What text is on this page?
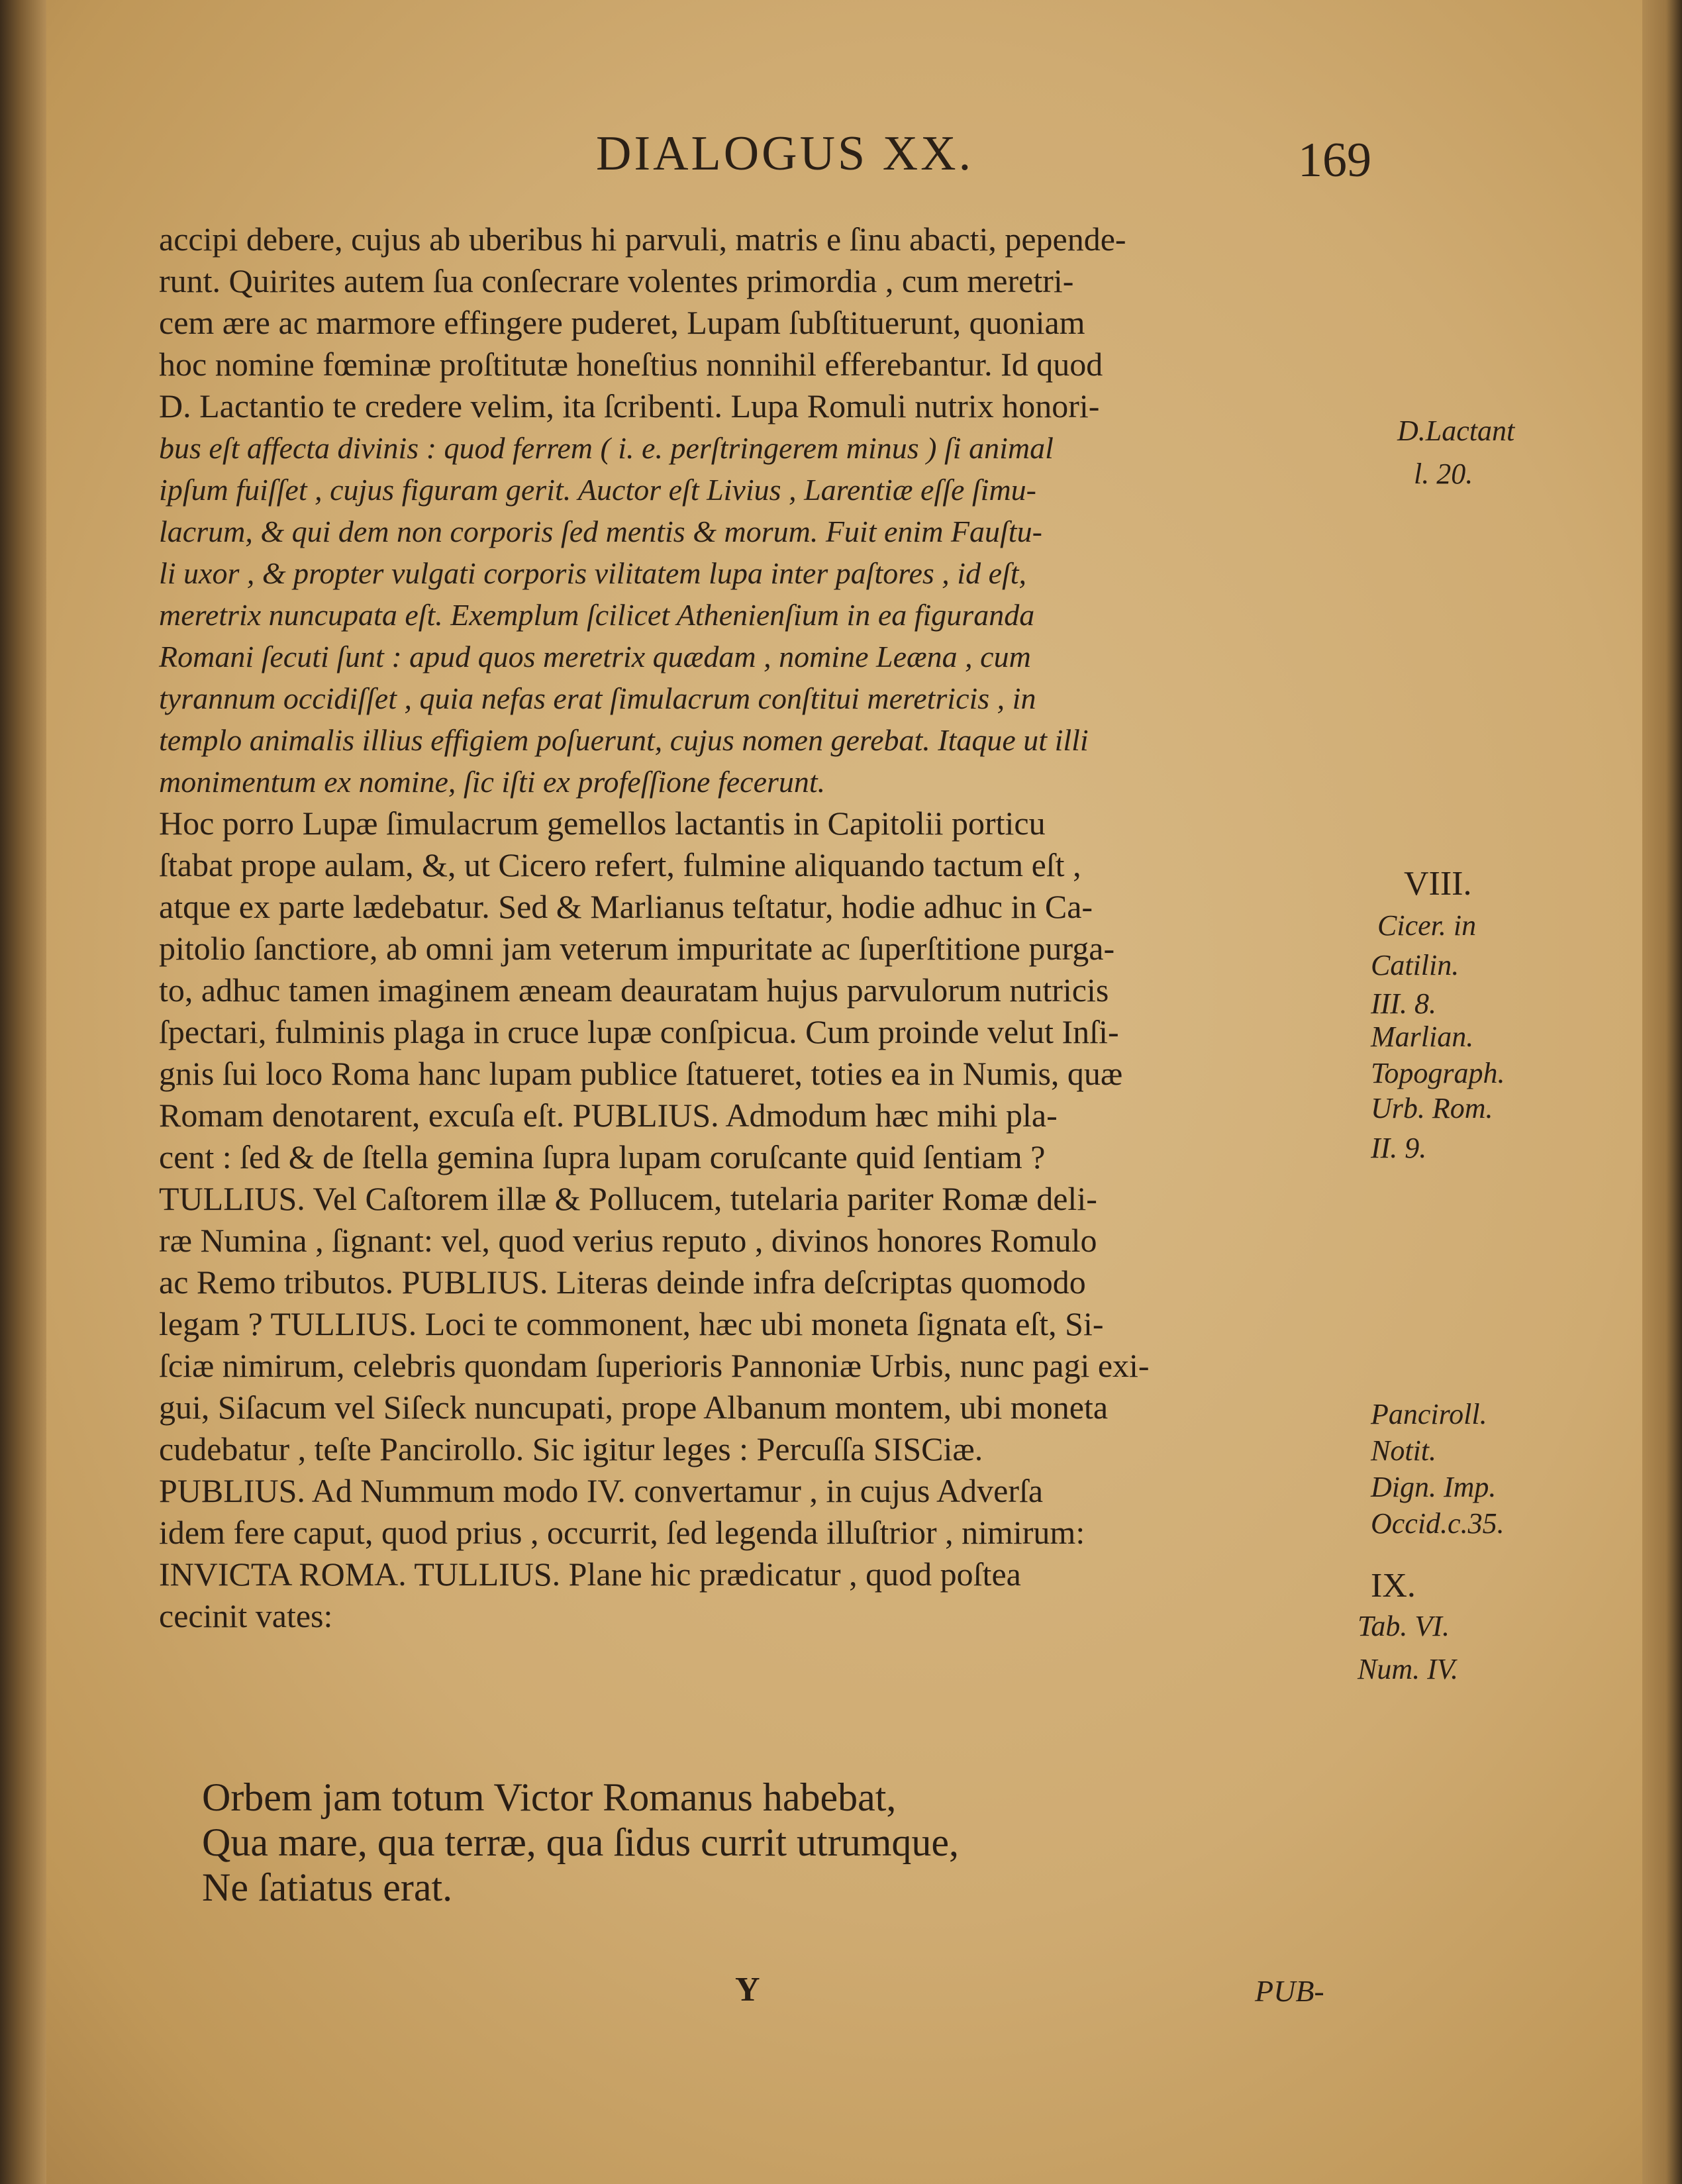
DIALOGUS XX.	169
accipi debere, cujus ab uberibus hi parvuli, matris e ſinu abacti, pepende-
runt. Quirites autem ſua conſecrare volentes primordia , cum meretri-
cem ære ac marmore effingere puderet, Lupam ſubſtituerunt, quoniam
hoc nomine fœminæ proſtitutæ honeſtius nonnihil efferebantur. Id quod
D. Lactantio te credere velim, ita ſcribenti. Lupa Romuli nutrix honori-
bus eſt affecta divinis : quod ferrem ( i. e. perſtringerem minus ) ſi animal
ipſum fuiſſet , cujus figuram gerit. Auctor eſt Livius , Larentiæ eſſe ſimu-
lacrum, & qui dem non corporis ſed mentis & morum. Fuit enim Fauſtu-
li uxor , & propter vulgati corporis vilitatem lupa inter paſtores , id eſt,
meretrix nuncupata eſt. Exemplum ſcilicet Athenienſium in ea figuranda
Romani ſecuti ſunt : apud quos meretrix quædam , nomine Leæna , cum
tyrannum occidiſſet , quia nefas erat ſimulacrum conſtitui meretricis , in
templo animalis illius effigiem poſuerunt, cujus nomen gerebat. Itaque ut illi
monimentum ex nomine, ſic iſti ex profeſſione fecerunt.
Hoc porro Lupæ ſimulacrum gemellos lactantis in Capitolii porticu
ſtabat prope aulam, &, ut Cicero refert, fulmine aliquando tactum eſt ,
atque ex parte lædebatur. Sed & Marlianus teſtatur, hodie adhuc in Ca-
pitolio ſanctiore, ab omni jam veterum impuritate ac ſuperſtitione purga-
to, adhuc tamen imaginem æneam deauratam hujus parvulorum nutricis
ſpectari, fulminis plaga in cruce lupæ conſpicua. Cum proinde velut Inſi-
gnis ſui loco Roma hanc lupam publice ſtatueret, toties ea in Numis, quæ
Romam denotarent, excuſa eſt. PUBLIUS. Admodum hæc mihi pla-
cent : ſed & de ſtella gemina ſupra lupam coruſcante quid ſentiam ?
TULLIUS. Vel Caſtorem illæ & Pollucem, tutelaria pariter Romæ deli-
ræ Numina , ſignant: vel, quod verius reputo , divinos honores Romulo
ac Remo tributos. PUBLIUS. Literas deinde infra deſcriptas quomodo
legam ? TULLIUS. Loci te commonent, hæc ubi moneta ſignata eſt, Si-
ſciæ nimirum, celebris quondam ſuperioris Pannoniæ Urbis, nunc pagi exi-
gui, Siſacum vel Siſeck nuncupati, prope Albanum montem, ubi moneta
cudebatur , teſte Pancirollo. Sic igitur leges : Percuſſa SISCiæ.
PUBLIUS. Ad Nummum modo IV. convertamur , in cujus Adverſa
idem fere caput, quod prius , occurrit, ſed legenda illuſtrior , nimirum:
INVICTA ROMA. TULLIUS. Plane hic prædicatur , quod poſtea
cecinit vates:
D.Lactant
l. 20.
VIII.
Cicer. in
Catilin.
III. 8.
Marlian.
Topograph.
Urb. Rom.
II. 9.
Panciroll.
Notit.
Dign. Imp.
Occid.c.35.
IX.
Tab. VI.
Num. IV.
Orbem jam totum Victor Romanus habebat,
Qua mare, qua terræ, qua ſidus currit utrumque,
Ne ſatiatus erat.
Y	PUB-
